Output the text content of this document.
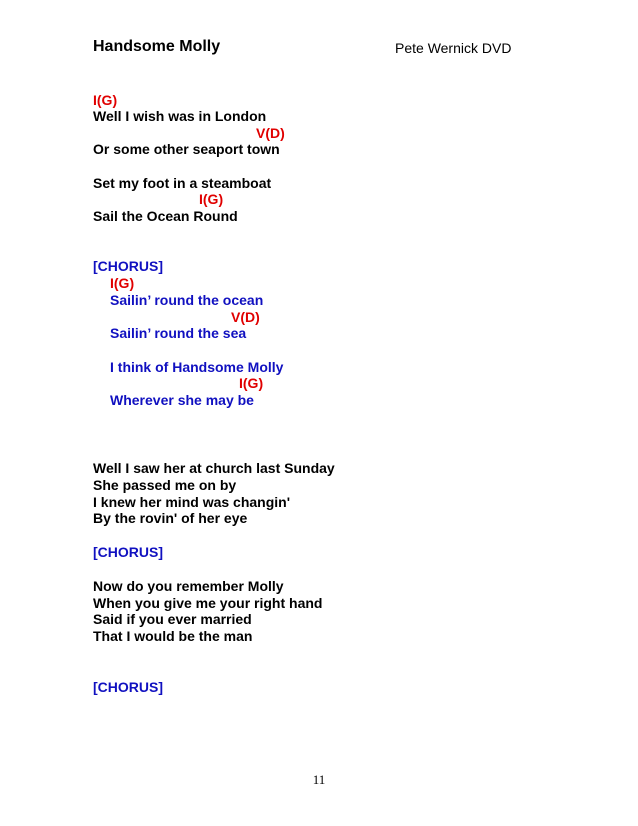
Handsome Molly	Pete Wernick DVD
I(G)
Well I wish was in London
V(D)
Or some other seaport town
Set my foot in a steamboat
I(G)
Sail the Ocean Round
[CHORUS]
I(G)
Sailin’ round the ocean
V(D)
Sailin’ round the sea
I think of Handsome Molly
I(G)
Wherever she may be
Well I saw her at church last Sunday
She passed me on by
I knew her mind was changin'
By the rovin' of her eye
[CHORUS]
Now do you remember Molly
When you give me your right hand
Said if you ever married
That I would be the man
[CHORUS]
11
